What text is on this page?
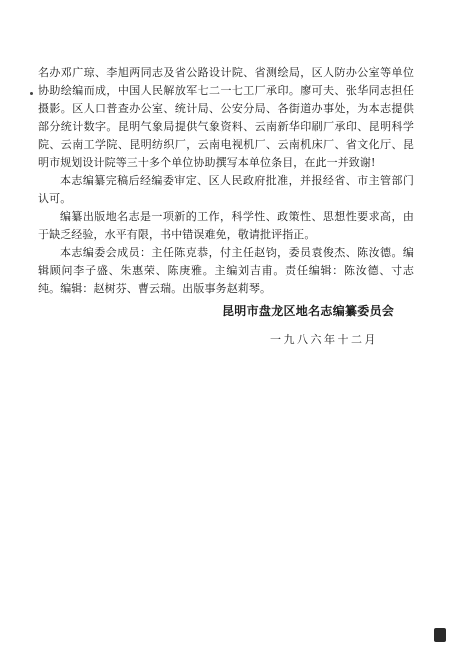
名办邓广琼、李旭两同志及省公路设计院、省测绘局，区人防办公室等单位协助绘编而成，中国人民解放军七二一七工厂承印。廖可夫、张华同志担任摄影。区人口普查办公室、统计局、公安分局、各街道办事处，为本志提供部分统计数字。昆明气象局提供气象资料、云南新华印刷厂承印、昆明科学院、云南工学院、昆明纺织厂，云南电视机厂、云南机床厂、省文化厅、昆明市规划设计院等三十多个单位协助撰写本单位条目，在此一并致谢!

本志编纂完稿后经编委审定、区人民政府批准，并报经省、市主管部门认可。

编纂出版地名志是一项新的工作，科学性、政策性、思想性要求高，由于缺乏经验，水平有限，书中错误难免，敬请批评指正。

本志编委会成员：主任陈克恭，付主任赵钧，委员袁俊杰、陈汝德。编辑顾问李子盛、朱惠荣、陈庚雅。主编刘吉甫。责任编辑：陈汝德、寸志纯。编辑：赵树芬、曹云瑞。出版事务赵莉琴。

昆明市盘龙区地名志编纂委员会
一九八六年十二月
